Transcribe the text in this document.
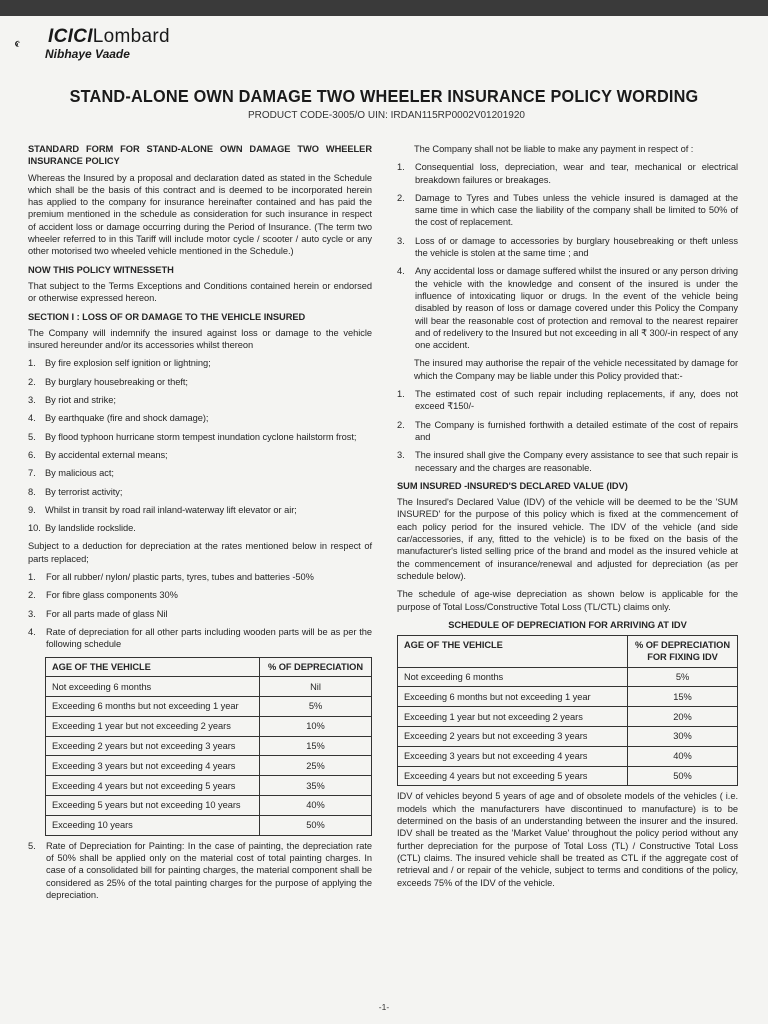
ICICILombard
Nibhaye Vaade
STAND-ALONE OWN DAMAGE TWO WHEELER INSURANCE POLICY WORDING
PRODUCT CODE-3005/O UIN: IRDAN115RP0002V01201920
STANDARD FORM FOR STAND-ALONE OWN DAMAGE TWO WHEELER INSURANCE POLICY
Whereas the Insured by a proposal and declaration dated as stated in the Schedule which shall be the basis of this contract and is deemed to be incorporated herein has applied to the company for insurance hereinafter contained and has paid the premium mentioned in the schedule as consideration for such insurance in respect of accident loss or damage occurring during the Period of Insurance. (The term two wheeler referred to in this Tariff will include motor cycle / scooter / auto cycle or any other motorised two wheeled vehicle mentioned in the Schedule.)
NOW THIS POLICY WITNESSETH
That subject to the Terms Exceptions and Conditions contained herein or endorsed or otherwise expressed hereon.
SECTION I : LOSS OF OR DAMAGE TO THE VEHICLE INSURED
The Company will indemnify the insured against loss or damage to the vehicle insured hereunder and/or its accessories whilst thereon
1.	By fire explosion self ignition or lightning;
2.	By burglary housebreaking or theft;
3.	By riot and strike;
4.	By earthquake (fire and shock damage);
5.	By flood typhoon hurricane storm tempest inundation cyclone hailstorm frost;
6.	By accidental external means;
7.	By malicious act;
8.	By terrorist activity;
9.	Whilst in transit by road rail inland-waterway lift elevator or air;
10. By landslide rockslide.
Subject to a deduction for depreciation at the rates mentioned below in respect of parts replaced;
1.	For all rubber/ nylon/ plastic parts, tyres, tubes and batteries -50%
2.	For fibre glass components 30%
3.	For all parts made of glass Nil
4.	Rate of depreciation for all other parts including wooden parts will be as per the following schedule
AGE OF THE VEHICLE	% OF DEPRECIATION
Not exceeding 6 months	Nil
Exceeding 6 months but not exceeding 1 year	5%
Exceeding 1 year but not exceeding 2 years	10%
Exceeding 2 years but not exceeding 3 years	15%
Exceeding 3 years but not exceeding 4 years	25%
Exceeding 4 years but not exceeding 5 years	35%
Exceeding 5 years but not exceeding 10 years	40%
Exceeding 10 years	50%
5.	Rate of Depreciation for Painting: In the case of painting, the depreciation rate of 50% shall be applied only on the material cost of total painting charges. In case of a consolidated bill for painting charges, the material component shall be considered as 25% of the total painting charges for the purpose of applying the depreciation.
The Company shall not be liable to make any payment in respect of :
1.	Consequential loss, depreciation, wear and tear, mechanical or electrical breakdown failures or breakages.
2.	Damage to Tyres and Tubes unless the vehicle insured is damaged at the same time in which case the liability of the company shall be limited to 50% of the cost of replacement.
3.	Loss of or damage to accessories by burglary housebreaking or theft unless the vehicle is stolen at the same time ; and
4.	Any accidental loss or damage suffered whilst the insured or any person driving the vehicle with the knowledge and consent of the insured is under the influence of intoxicating liquor or drugs. In the event of the vehicle being disabled by reason of loss or damage covered under this Policy the Company will bear the reasonable cost of protection and removal to the nearest repairer and of redelivery to the Insured but not exceeding in all ₹ 300/-in respect of any one accident.
The insured may authorise the repair of the vehicle necessitated by damage for which the Company may be liable under this Policy provided that:-
1.	The estimated cost of such repair including replacements, if any, does not exceed ₹150/-
2.	The Company is furnished forthwith a detailed estimate of the cost of repairs and
3.	The insured shall give the Company every assistance to see that such repair is necessary and the charges are reasonable.
SUM INSURED -INSURED'S DECLARED VALUE (IDV)
The Insured's Declared Value (IDV) of the vehicle will be deemed to be the 'SUM INSURED' for the purpose of this policy which is fixed at the commencement of each policy period for the insured vehicle. The IDV of the vehicle (and side car/accessories, if any, fitted to the vehicle) is to be fixed on the basis of the manufacturer's listed selling price of the brand and model as the insured vehicle at the commencement of insurance/renewal and adjusted for depreciation (as per schedule below).
The schedule of age-wise depreciation as shown below is applicable for the purpose of Total Loss/Constructive Total Loss (TL/CTL) claims only.
SCHEDULE OF DEPRECIATION FOR ARRIVING AT IDV
AGE OF THE VEHICLE	% OF DEPRECIATION FOR FIXING IDV
Not exceeding 6 months	5%
Exceeding 6 months but not exceeding 1 year	15%
Exceeding 1 year but not exceeding 2 years	20%
Exceeding 2 years but not exceeding 3 years	30%
Exceeding 3 years but not exceeding 4 years	40%
Exceeding 4 years but not exceeding 5 years	50%
IDV of vehicles beyond 5 years of age and of obsolete models of the vehicles ( i.e. models which the manufacturers have discontinued to manufacture) is to be determined on the basis of an understanding between the insurer and the insured. IDV shall be treated as the 'Market Value' throughout the policy period without any further depreciation for the purpose of Total Loss (TL) / Constructive Total Loss (CTL) claims. The insured vehicle shall be treated as CTL if the aggregate cost of retrieval and / or repair of the vehicle, subject to terms and conditions of the policy, exceeds 75% of the IDV of the vehicle.
-1-
